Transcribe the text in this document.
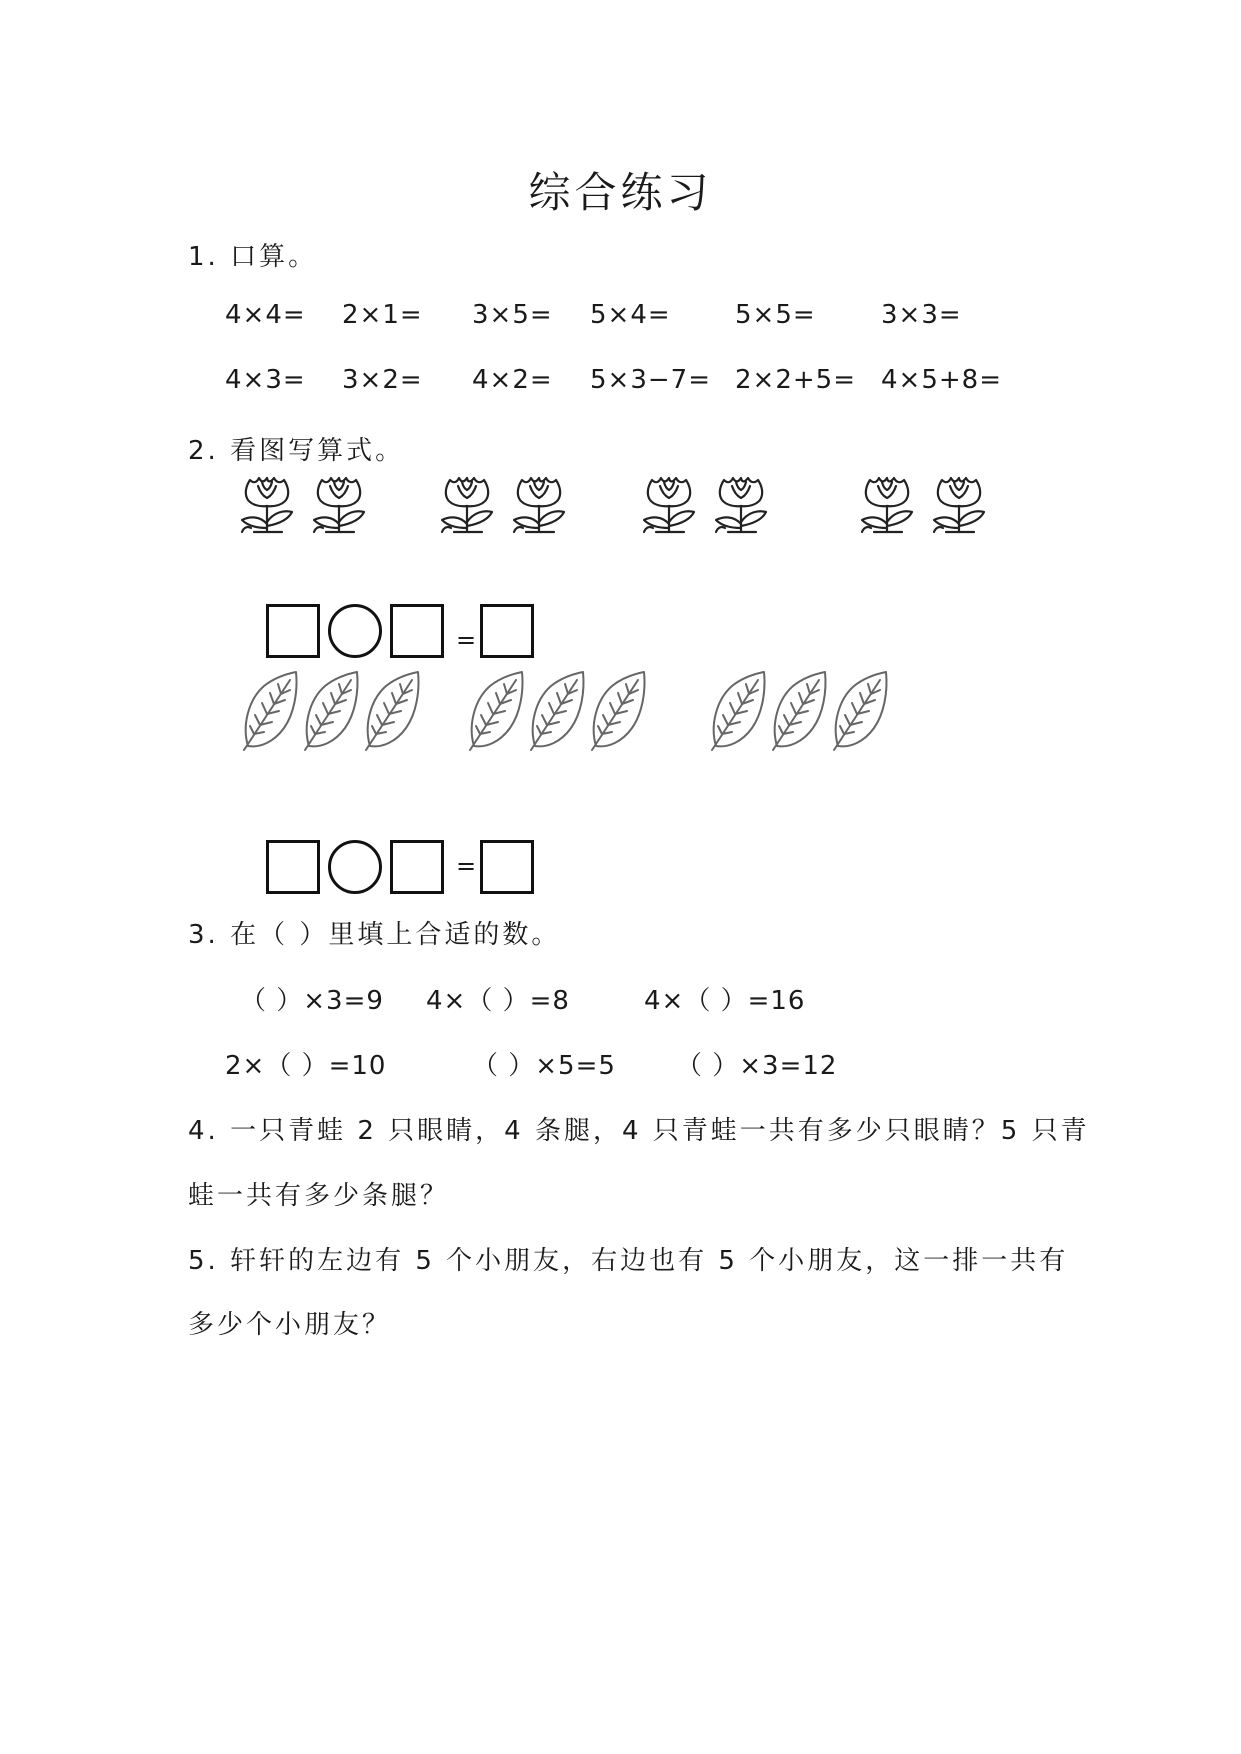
综合练习
1. 口算。
4×4= 2×1= 3×5= 5×4= 5×5=	3×3=
4×3= 3×2= 4×2= 5×3−7= 2×2+5= 4×5+8=
2. 看图写算式。
=
=
3. 在（ ）里填上合适的数。
（ ）×3=9 4×（ ）=8	4×（ ）=16
2×（ ）=10	（ ）×5=5 （ ）×3=12
4. 一只青蛙 2 只眼睛，4 条腿，4 只青蛙一共有多少只眼睛？5 只青
蛙一共有多少条腿？
5. 轩轩的左边有 5 个小朋友，右边也有 5 个小朋友，这一排一共有
多少个小朋友？
